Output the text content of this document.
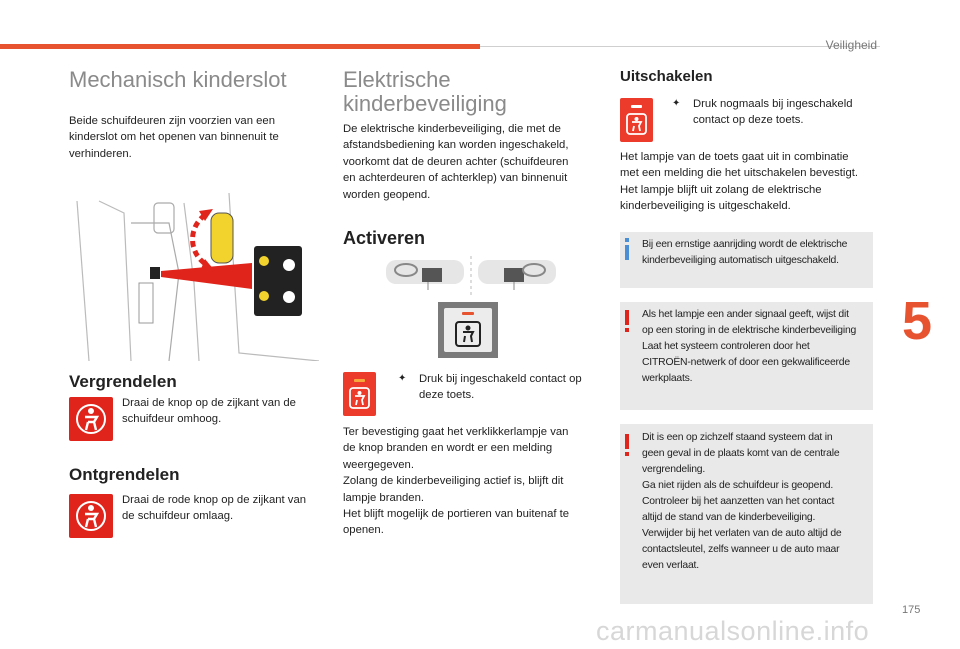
Veiligheid
5
175
carmanualsonline.info
Mechanisch kinderslot

Beide schuifdeuren zijn voorzien van een

kinderslot om het openen van binnenuit te

verhinderen.

Vergrendelen

Draai de knop op de zijkant van de

schuifdeur omhoog.

Ontgrendelen

Draai de rode knop op de zijkant van

de schuifdeur omlaag.

Elektrische
kinderbeveiliging

De elektrische kinderbeveiliging, die met de

afstandsbediening kan worden ingeschakeld,

voorkomt dat de deuren achter (schuifdeuren

en achterdeuren of achterklep) van binnenuit

worden geopend.

Activeren
✦ Druk bij ingeschakeld contact op

deze toets.

Ter bevestiging gaat het verklikkerlampje van

de knop branden en wordt er een melding

weergegeven.

Zolang de kinderbeveiliging actief is, blijft dit

lampje branden.

Het blijft mogelijk de portieren van buitenaf te

openen.

Uitschakelen
✦ Druk nogmaals bij ingeschakeld

contact op deze toets.

Het lampje van de toets gaat uit in combinatie

met een melding die het uitschakelen bevestigt.

Het lampje blijft uit zolang de elektrische

kinderbeveiliging is uitgeschakeld.

Bij een ernstige aanrijding wordt de elektrische
kinderbeveiliging automatisch uitgeschakeld.
Als het lampje een ander signaal geeft, wijst dit
op een storing in de elektrische kinderbeveiliging
Laat het systeem controleren door het
CITROËN-netwerk of door een gekwalificeerde
werkplaats.
Dit is een op zichzelf staand systeem dat in
geen geval in de plaats komt van de centrale
vergrendeling.
Ga niet rijden als de schuifdeur is geopend.
Controleer bij het aanzetten van het contact
altijd de stand van de kinderbeveiliging.
Verwijder bij het verlaten van de auto altijd de
contactsleutel, zelfs wanneer u de auto maar
even verlaat.
